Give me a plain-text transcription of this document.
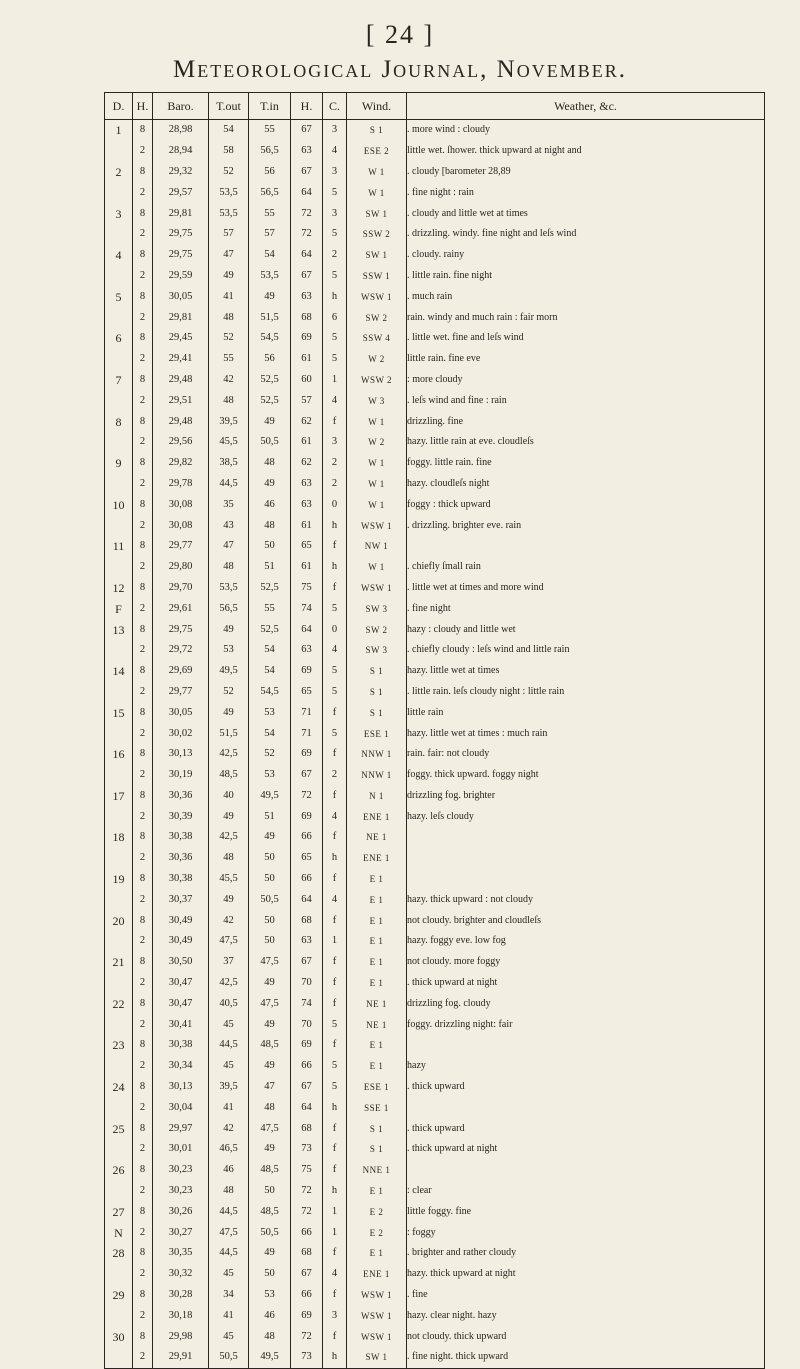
[ 24 ]
Meteorological Journal, November.
D.	H.	Baro.	T.out	T.in	H.	C.	Wind.	Weather, &c.
1	8	28,98	54	55	67	3	S 1	. more wind : cloudy
	2	28,94	58	56,5	63	4	ESE 2	little wet. ſhower. thick upward at night and
2	8	29,32	52	56	67	3	W 1	. cloudy [barometer 28,89
	2	29,57	53,5	56,5	64	5	W 1	. fine night : rain
3	8	29,81	53,5	55	72	3	SW 1	. cloudy and little wet at times
	2	29,75	57	57	72	5	SSW 2	. drizzling. windy. fine night and leſs wind
4	8	29,75	47	54	64	2	SW 1	. cloudy. rainy
	2	29,59	49	53,5	67	5	SSW 1	. little rain. fine night
5	8	30,05	41	49	63	h	WSW 1	. much rain
	2	29,81	48	51,5	68	6	SW 2	rain. windy and much rain : fair morn
6	8	29,45	52	54,5	69	5	SSW 4	. little wet. fine and leſs wind
	2	29,41	55	56	61	5	W 2	little rain. fine eve
7	8	29,48	42	52,5	60	1	WSW 2	: more cloudy
	2	29,51	48	52,5	57	4	W 3	. leſs wind and fine : rain
8	8	29,48	39,5	49	62	f	W 1	drizzling. fine
	2	29,56	45,5	50,5	61	3	W 2	hazy. little rain at eve. cloudleſs
9	8	29,82	38,5	48	62	2	W 1	foggy. little rain. fine
	2	29,78	44,5	49	63	2	W 1	hazy. cloudleſs night
10	8	30,08	35	46	63	0	W 1	foggy : thick upward
	2	30,08	43	48	61	h	WSW 1	. drizzling. brighter eve. rain
11	8	29,77	47	50	65	f	NW 1	
	2	29,80	48	51	61	h	W 1	. chiefly ſmall rain
12	8	29,70	53,5	52,5	75	f	WSW 1	. little wet at times and more wind
F	2	29,61	56,5	55	74	5	SW 3	. fine night
13	8	29,75	49	52,5	64	0	SW 2	hazy : cloudy and little wet
	2	29,72	53	54	63	4	SW 3	. chiefly cloudy : leſs wind and little rain
14	8	29,69	49,5	54	69	5	S 1	hazy. little wet at times
	2	29,77	52	54,5	65	5	S 1	. little rain. leſs cloudy night : little rain
15	8	30,05	49	53	71	f	S 1	little rain
	2	30,02	51,5	54	71	5	ESE 1	hazy. little wet at times : much rain
16	8	30,13	42,5	52	69	f	NNW 1	rain. fair: not cloudy
	2	30,19	48,5	53	67	2	NNW 1	foggy. thick upward. foggy night
17	8	30,36	40	49,5	72	f	N 1	drizzling fog. brighter
	2	30,39	49	51	69	4	ENE 1	hazy. leſs cloudy
18	8	30,38	42,5	49	66	f	NE 1	
	2	30,36	48	50	65	h	ENE 1	
19	8	30,38	45,5	50	66	f	E 1	
	2	30,37	49	50,5	64	4	E 1	hazy. thick upward : not cloudy
20	8	30,49	42	50	68	f	E 1	not cloudy. brighter and cloudleſs
	2	30,49	47,5	50	63	1	E 1	hazy. foggy eve. low fog
21	8	30,50	37	47,5	67	f	E 1	not cloudy. more foggy
	2	30,47	42,5	49	70	f	E 1	. thick upward at night
22	8	30,47	40,5	47,5	74	f	NE 1	drizzling fog. cloudy
	2	30,41	45	49	70	5	NE 1	foggy. drizzling night: fair
23	8	30,38	44,5	48,5	69	f	E 1	
	2	30,34	45	49	66	5	E 1	hazy
24	8	30,13	39,5	47	67	5	ESE 1	. thick upward
	2	30,04	41	48	64	h	SSE 1	
25	8	29,97	42	47,5	68	f	S 1	. thick upward
	2	30,01	46,5	49	73	f	S 1	. thick upward at night
26	8	30,23	46	48,5	75	f	NNE 1	
	2	30,23	48	50	72	h	E 1	: clear
27	8	30,26	44,5	48,5	72	1	E 2	little foggy. fine
N	2	30,27	47,5	50,5	66	1	E 2	: foggy
28	8	30,35	44,5	49	68	f	E 1	. brighter and rather cloudy
	2	30,32	45	50	67	4	ENE 1	hazy. thick upward at night
29	8	30,28	34	53	66	f	WSW 1	. fine
	2	30,18	41	46	69	3	WSW 1	hazy. clear night. hazy
30	8	29,98	45	48	72	f	WSW 1	not cloudy. thick upward
	2	29,91	50,5	49,5	73	h	SW 1	. fine night. thick upward
